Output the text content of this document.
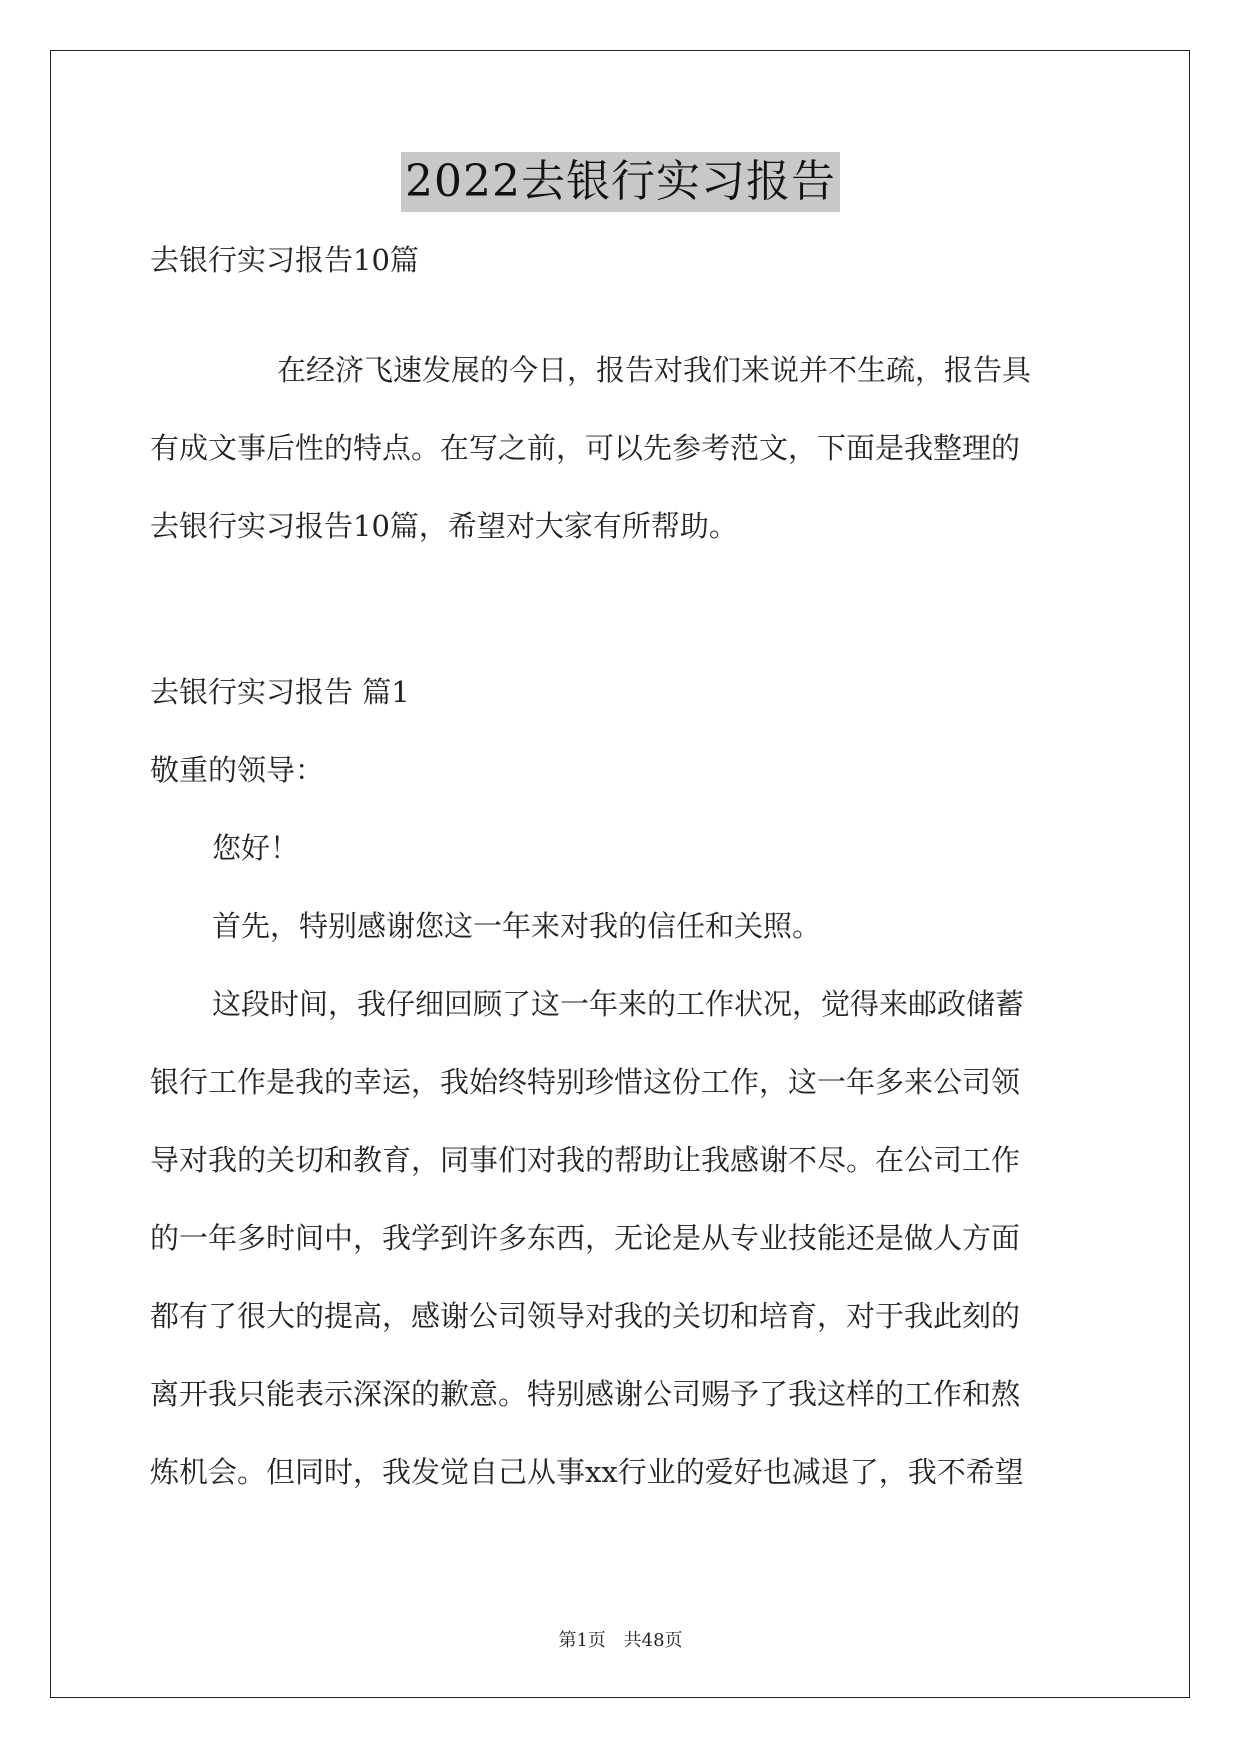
2022去银行实习报告
去银行实习报告10篇
在经济飞速发展的今日，报告对我们来说并不生疏，报告具
有成文事后性的特点。在写之前，可以先参考范文，下面是我整理的
去银行实习报告10篇，希望对大家有所帮助。
去银行实习报告 篇1
敬重的领导：
您好！
首先，特别感谢您这一年来对我的信任和关照。
这段时间，我仔细回顾了这一年来的工作状况，觉得来邮政储蓄
银行工作是我的幸运，我始终特别珍惜这份工作，这一年多来公司领
导对我的关切和教育，同事们对我的帮助让我感谢不尽。在公司工作
的一年多时间中，我学到许多东西，无论是从专业技能还是做人方面
都有了很大的提高，感谢公司领导对我的关切和培育，对于我此刻的
离开我只能表示深深的歉意。特别感谢公司赐予了我这样的工作和熬
炼机会。但同时，我发觉自己从事xx行业的爱好也减退了，我不希望
第1页 共48页
